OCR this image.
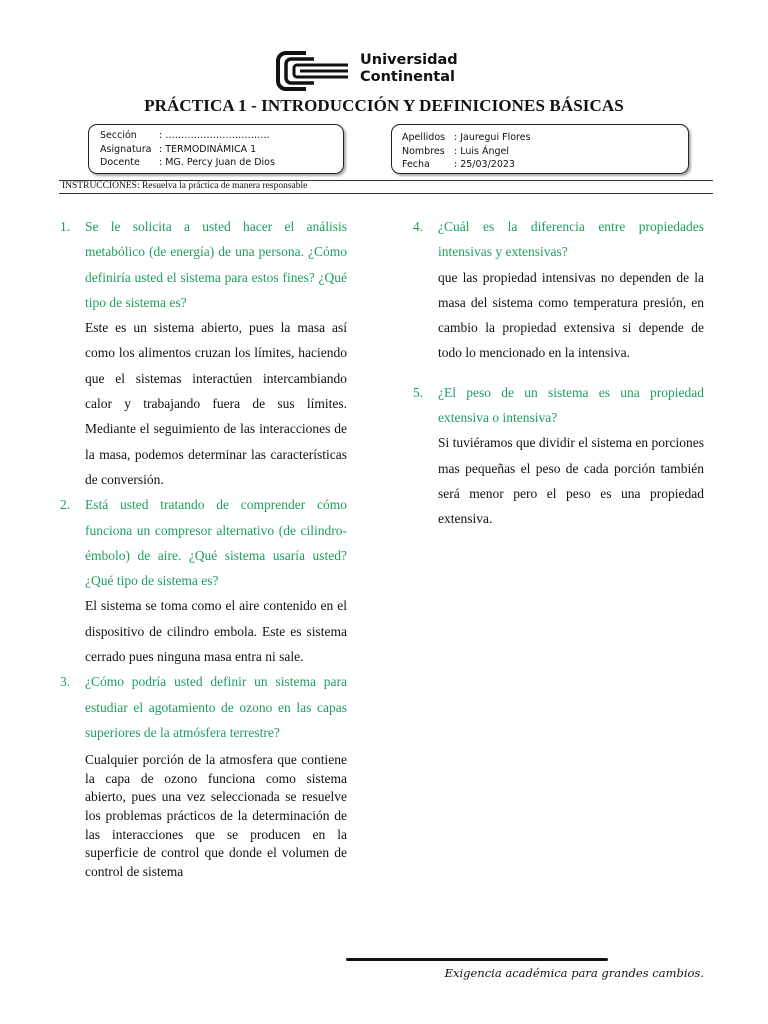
Universidad
Continental
PRÁCTICA 1 - INTRODUCCIÓN Y DEFINICIONES BÁSICAS
Sección : ……………………………
Asignatura : TERMODINÁMICA 1
Docente : MG. Percy Juan de Dios
Apellidos : Jauregui Flores
Nombres : Luis Ángel
Fecha	: 25/03/2023
INSTRUCCIONES: Resuelva la práctica de manera responsable
1. Se le solicita a usted hacer el análisis metabólico (de energía) de una persona. ¿Cómo definiría usted el sistema para estos fines? ¿Qué tipo de sistema es?
Este es un sistema abierto, pues la masa así como los alimentos cruzan los límites, haciendo que el sistemas interactúen intercambiando calor y trabajando fuera de sus límites. Mediante el seguimiento de las interacciones de la masa, podemos determinar las características de conversión.
2. Está usted tratando de comprender cómo funciona un compresor alternativo (de cilindro-émbolo) de aire. ¿Qué sistema usaría usted? ¿Qué tipo de sistema es?
El sistema se toma como el aire contenido en el dispositivo de cilindro embola. Este es sistema cerrado pues ninguna masa entra ni sale.
3. ¿Cómo podría usted definir un sistema para estudiar el agotamiento de ozono en las capas superiores de la atmósfera terrestre?
Cualquier porción de la atmosfera que contiene la capa de ozono funciona como sistema abierto, pues una vez seleccionada se resuelve los problemas prácticos de la determinación de las interacciones que se producen en la superficie de control que donde el volumen de control de sistema
4. ¿Cuál es la diferencia entre propiedades intensivas y extensivas?
que las propiedad intensivas no dependen de la masa del sistema como temperatura presión, en cambio la propiedad extensiva si depende de todo lo mencionado en la intensiva.
5. ¿El peso de un sistema es una propiedad extensiva o intensiva?
Si tuviéramos que dividir el sistema en porciones mas pequeñas el peso de cada porción también será menor pero el peso es una propiedad extensiva.
Exigencia académica para grandes cambios.
